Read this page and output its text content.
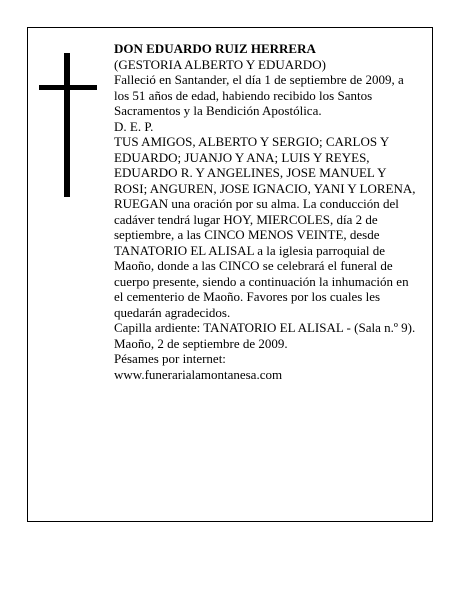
DON EDUARDO RUIZ HERRERA

(GESTORIA ALBERTO Y EDUARDO)

Falleció en Santander, el día 1 de septiembre de 2009, a los 51 años de edad, habiendo recibido los Santos Sacramentos y la Bendición Apostólica.

D. E. P.

TUS AMIGOS, ALBERTO Y SERGIO; CARLOS Y EDUARDO; JUANJO Y ANA; LUIS Y REYES, EDUARDO R. Y ANGELINES, JOSE MANUEL Y ROSI; ANGUREN, JOSE IGNACIO, YANI Y LORENA,

RUEGAN una oración por su alma. La conducción del cadáver tendrá lugar HOY, MIERCOLES, día 2 de septiembre, a las CINCO MENOS VEINTE, desde TANATORIO EL ALISAL a la iglesia parroquial de Maoño, donde a las CINCO se celebrará el funeral de cuerpo presente, siendo a continuación la inhumación en el cementerio de Maoño. Favores por los cuales les quedarán agradecidos.

Capilla ardiente: TANATORIO EL ALISAL - (Sala n.º 9).

Maoño, 2 de septiembre de 2009.

Pésames por internet:

www.funerarialamontanesa.com
